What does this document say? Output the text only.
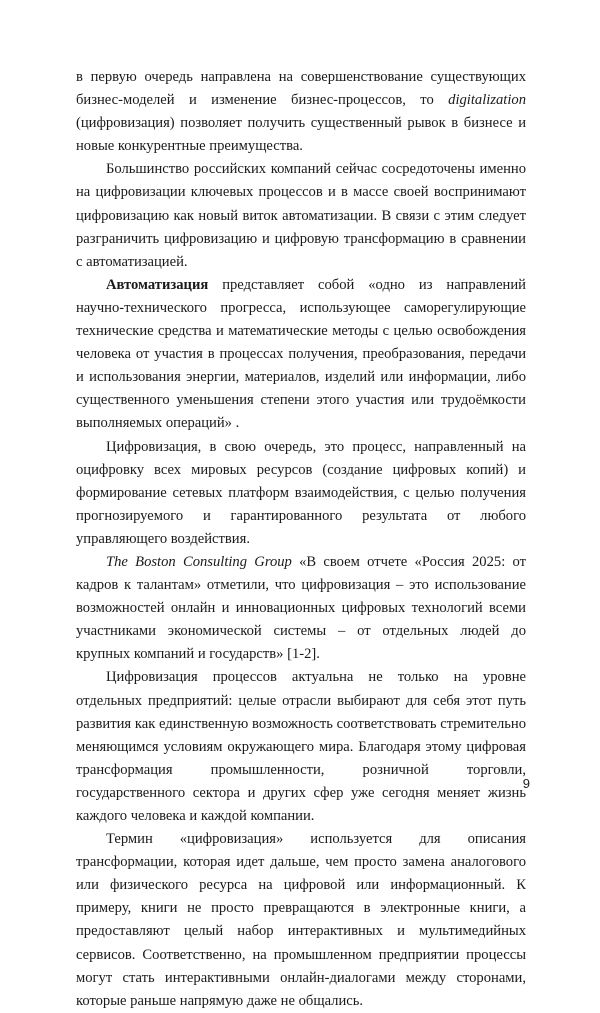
в первую очередь направлена на совершенствование существующих бизнес-моделей и изменение бизнес-процессов, то digitalization (цифровизация) позволяет получить существенный рывок в бизнесе и новые конкурентные преимущества.

Большинство российских компаний сейчас сосредоточены именно на цифровизации ключевых процессов и в массе своей воспринимают цифровизацию как новый виток автоматизации. В связи с этим следует разграничить цифровизацию и цифровую трансформацию в сравнении с автоматизацией.

Автоматизация представляет собой «одно из направлений научно-технического прогресса, использующее саморегулирующие технические средства и математические методы с целью освобождения человека от участия в процессах получения, преобразования, передачи и использования энергии, материалов, изделий или информации, либо существенного уменьшения степени этого участия или трудоёмкости выполняемых операций» .

Цифровизация, в свою очередь, это процесс, направленный на оцифровку всех мировых ресурсов (создание цифровых копий) и формирование сетевых платформ взаимодействия, с целью получения прогнозируемого и гарантированного результата от любого управляющего воздействия.

The Boston Consulting Group «В своем отчете «Россия 2025: от кадров к талантам» отметили, что цифровизация – это использование возможностей онлайн и инновационных цифровых технологий всеми участниками экономической системы – от отдельных людей до крупных компаний и государств» [1-2].

Цифровизация процессов актуальна не только на уровне отдельных предприятий: целые отрасли выбирают для себя этот путь развития как единственную возможность соответствовать стремительно меняющимся условиям окружающего мира. Благодаря этому цифровая трансформация промышленности, розничной торговли, государственного сектора и других сфер уже сегодня меняет жизнь каждого человека и каждой компании.

Термин «цифровизация» используется для описания трансформации, которая идет дальше, чем просто замена аналогового или физического ресурса на цифровой или информационный. К примеру, книги не просто превращаются в электронные книги, а предоставляют целый набор интерактивных и мультимедийных сервисов. Соответственно, на промышленном предприятии процессы могут стать интерактивными онлайн-диалогами между сторонами, которые раньше напрямую даже не общались.

9
